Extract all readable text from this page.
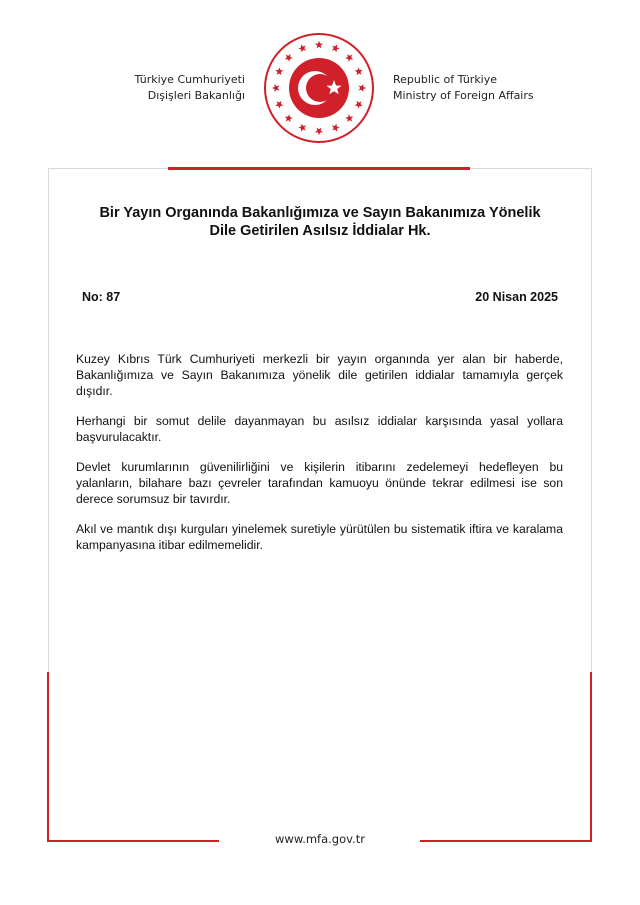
Türkiye Cumhuriyeti
Dışişleri Bakanlığı
Republic of Türkiye
Ministry of Foreign Affairs
Bir Yayın Organında Bakanlığımıza ve Sayın Bakanımıza Yönelik
Dile Getirilen Asılsız İddialar Hk.
No: 87	20 Nisan 2025

Kuzey Kıbrıs Türk Cumhuriyeti merkezli bir yayın organında yer alan bir haberde, Bakanlığımıza ve Sayın Bakanımıza yönelik dile getirilen iddialar tamamıyla gerçek dışıdır.

Herhangi bir somut delile dayanmayan bu asılsız iddialar karşısında yasal yollara başvurulacaktır.

Devlet kurumlarının güvenilirliğini ve kişilerin itibarını zedelemeyi hedefleyen bu yalanların, bilahare bazı çevreler tarafından kamuoyu önünde tekrar edilmesi ise son derece sorumsuz bir tavırdır.

Akıl ve mantık dışı kurguları yinelemek suretiyle yürütülen bu sistematik iftira ve karalama kampanyasına itibar edilmemelidir.

www.mfa.gov.tr
